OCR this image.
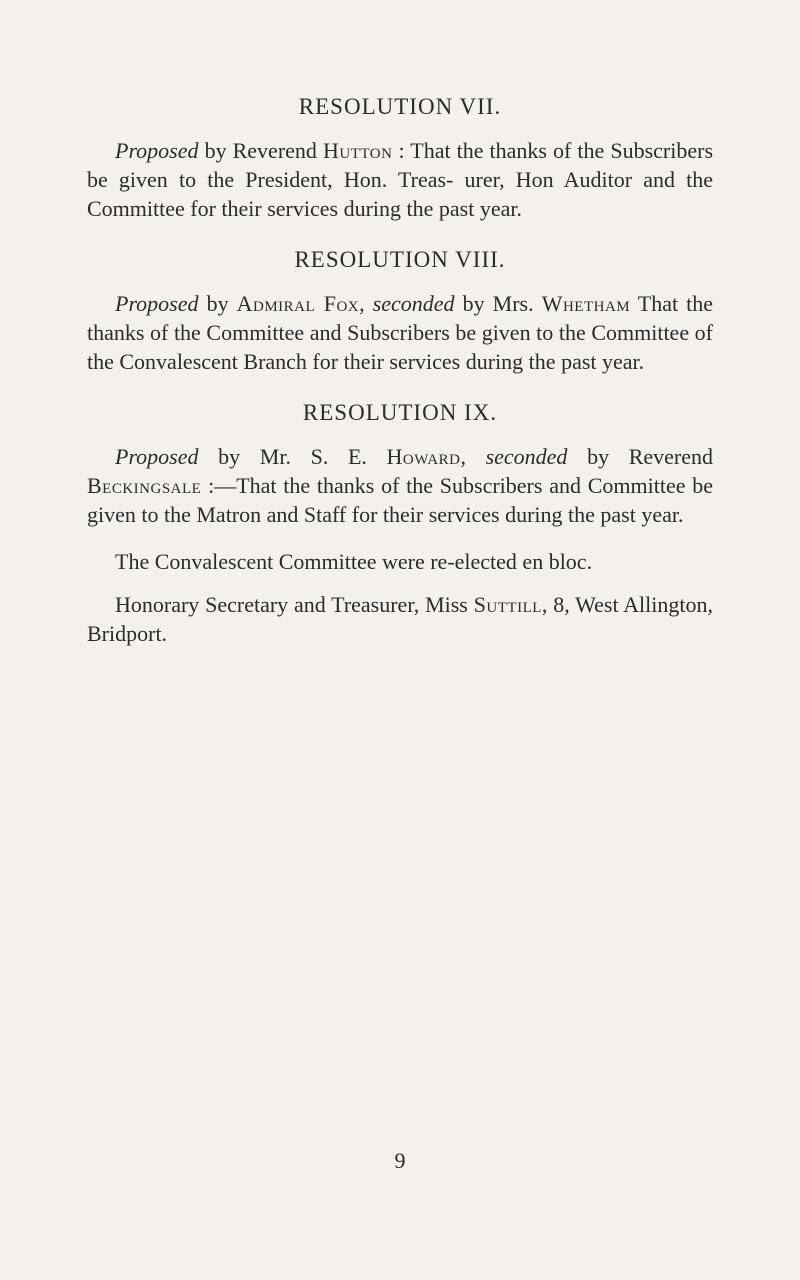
RESOLUTION VII.

Proposed by Reverend Hutton : That the thanks of the Subscribers be given to the President, Hon. Treas- urer, Hon Auditor and the Committee for their services during the past year.

RESOLUTION VIII.

Proposed by Admiral Fox, seconded by Mrs. Whetham That the thanks of the Committee and Subscribers be given to the Committee of the Convalescent Branch for their services during the past year.

RESOLUTION IX.

Proposed by Mr. S. E. Howard, seconded by Reverend Beckingsale :—That the thanks of the Subscribers and Committee be given to the Matron and Staff for their services during the past year.

The Convalescent Committee were re-elected en bloc.

Honorary Secretary and Treasurer, Miss Suttill, 8, West Allington, Bridport.

9
